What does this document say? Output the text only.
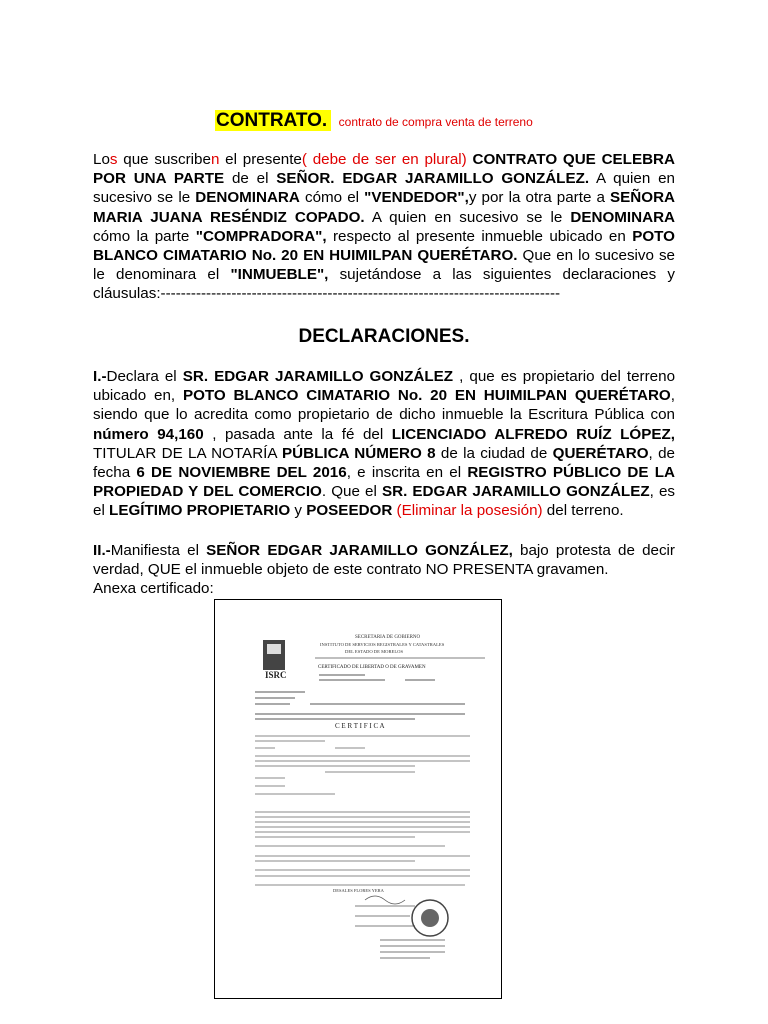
CONTRATO. contrato de compra venta de terreno
Los que suscriben el presente( debe de ser en plural) CONTRATO QUE CELEBRA POR UNA PARTE de el SEÑOR. EDGAR JARAMILLO GONZÁLEZ. A quien en sucesivo se le DENOMINARA cómo el "VENDEDOR",y por la otra parte a SEÑORA MARIA JUANA RESÉNDIZ COPADO. A quien en sucesivo se le DENOMINARA cómo la parte "COMPRADORA", respecto al presente inmueble ubicado en POTO BLANCO CIMATARIO No. 20 EN HUIMILPAN QUERÉTARO. Que en lo sucesivo se le denominara el "INMUEBLE", sujetándose a las siguientes declaraciones y cláusulas:-------------------------------------------------------------------------------
DECLARACIONES.
I.-Declara el SR. EDGAR JARAMILLO GONZÁLEZ , que es propietario del terreno ubicado en, POTO BLANCO CIMATARIO No. 20 EN HUIMILPAN QUERÉTARO, siendo que lo acredita como propietario de dicho inmueble la Escritura Pública con número 94,160 , pasada ante la fé del LICENCIADO ALFREDO RUÍZ LÓPEZ, TITULAR DE LA NOTARÍA PÚBLICA NÚMERO 8 de la ciudad de QUERÉTARO, de fecha 6 DE NOVIEMBRE DEL 2016, e inscrita en el REGISTRO PÚBLICO DE LA PROPIEDAD Y DEL COMERCIO. Que el SR. EDGAR JARAMILLO GONZÁLEZ, es el LEGÍTIMO PROPIETARIO y POSEEDOR (Eliminar la posesión) del terreno.
II.-Manifiesta el SEÑOR EDGAR JARAMILLO GONZÁLEZ, bajo protesta de decir verdad, QUE el inmueble objeto de este contrato NO PRESENTA gravamen.
Anexa certificado:
ISRC
SECRETARIA DE GOBIERNO
INSTITUTO DE SERVICIOS REGISTRALES Y CATASTRALES
DEL ESTADO DE MORELOS
CERTIFICADO DE LIBERTAD O DE GRAVAMEN
C E R T I F I C A
DESALES FLORES YERA
